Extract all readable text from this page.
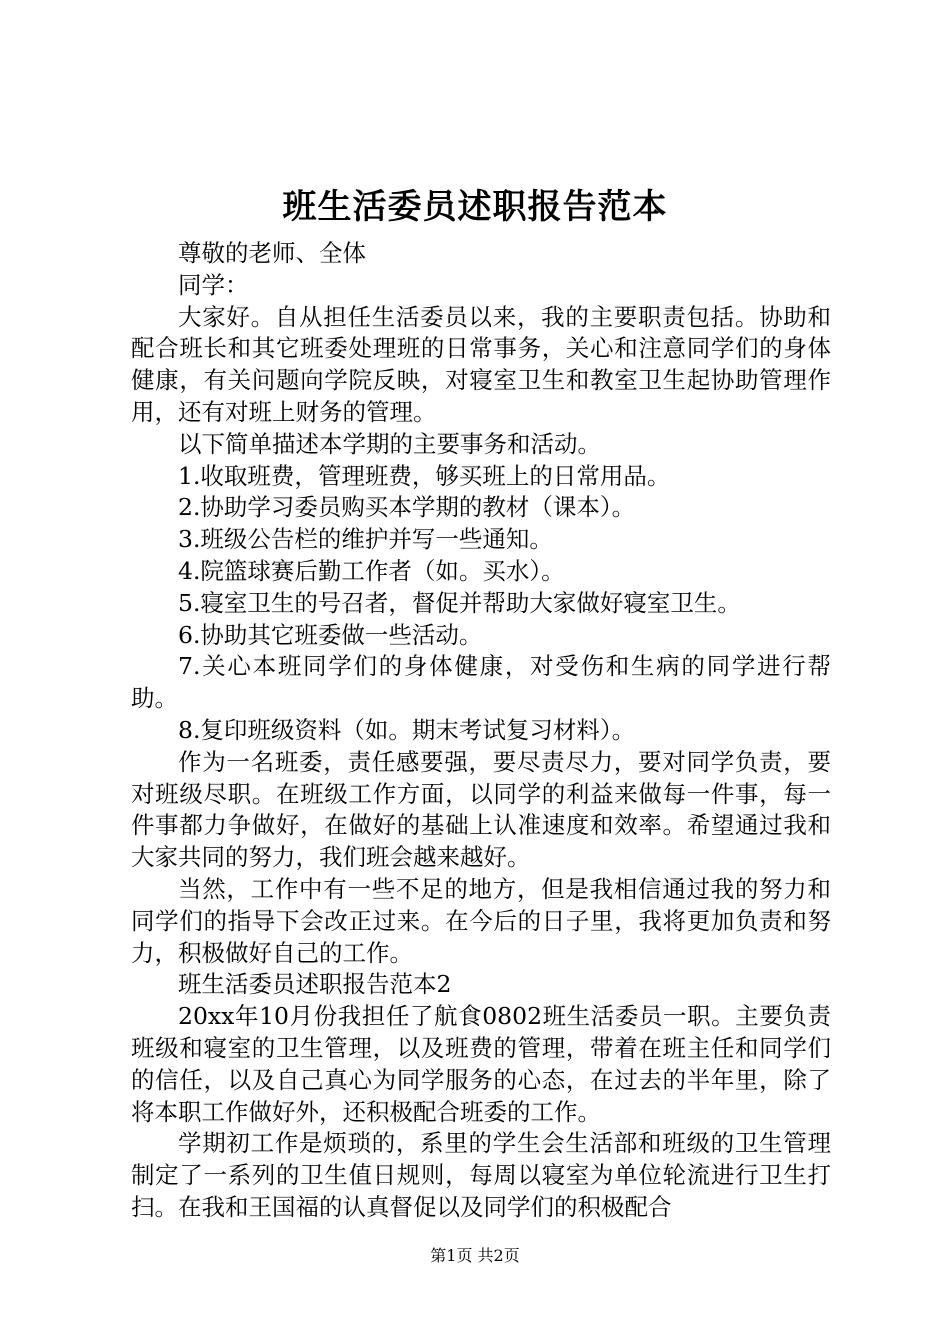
班生活委员述职报告范本

尊敬的老师、全体

同学：

大家好。自从担任生活委员以来，我的主要职责包括。协助和配合班长和其它班委处理班的日常事务，关心和注意同学们的身体健康，有关问题向学院反映，对寝室卫生和教室卫生起协助管理作用，还有对班上财务的管理。

以下简单描述本学期的主要事务和活动。

1.收取班费，管理班费，够买班上的日常用品。

2.协助学习委员购买本学期的教材（课本）。

3.班级公告栏的维护并写一些通知。

4.院篮球赛后勤工作者（如。买水）。

5.寝室卫生的号召者，督促并帮助大家做好寝室卫生。

6.协助其它班委做一些活动。

7.关心本班同学们的身体健康，对受伤和生病的同学进行帮助。

8.复印班级资料（如。期末考试复习材料）。

作为一名班委，责任感要强，要尽责尽力，要对同学负责，要对班级尽职。在班级工作方面，以同学的利益来做每一件事，每一件事都力争做好，在做好的基础上认准速度和效率。希望通过我和大家共同的努力，我们班会越来越好。

当然，工作中有一些不足的地方，但是我相信通过我的努力和同学们的指导下会改正过来。在今后的日子里，我将更加负责和努力，积极做好自己的工作。

班生活委员述职报告范本2

20xx年10月份我担任了航食0802班生活委员一职。主要负责班级和寝室的卫生管理，以及班费的管理，带着在班主任和同学们的信任，以及自己真心为同学服务的心态，在过去的半年里，除了将本职工作做好外，还积极配合班委的工作。

学期初工作是烦琐的，系里的学生会生活部和班级的卫生管理制定了一系列的卫生值日规则，每周以寝室为单位轮流进行卫生打扫。在我和王国福的认真督促以及同学们的积极配合

第1页 共2页
